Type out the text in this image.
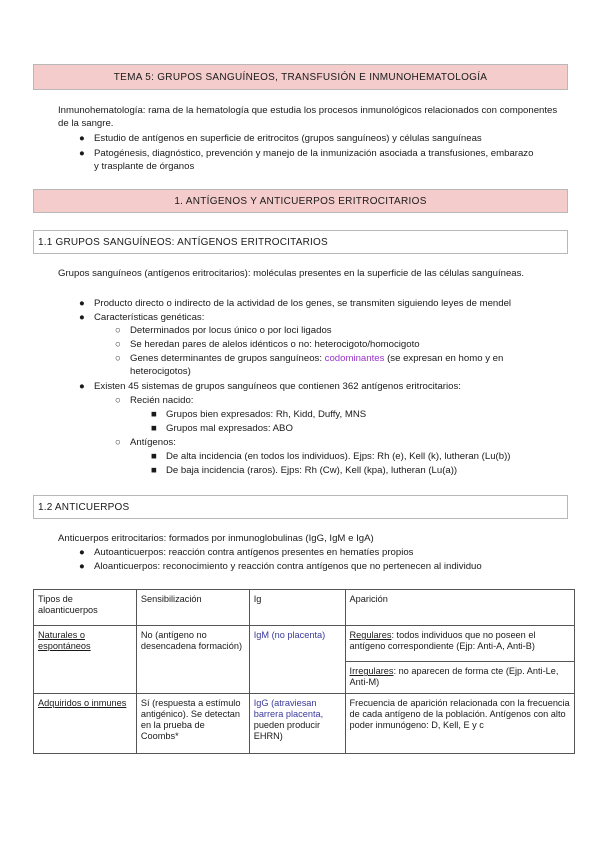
TEMA 5: GRUPOS SANGUÍNEOS, TRANSFUSIÓN E INMUNOHEMATOLOGÍA
Inmunohematología: rama de la hematología que estudia los procesos inmunológicos relacionados con componentes de la sangre.
● Estudio de antígenos en superficie de eritrocitos (grupos sanguíneos) y células sanguíneas
● Patogénesis, diagnóstico, prevención y manejo de la inmunización asociada a transfusiones, embarazo y trasplante de órganos
1. ANTÍGENOS Y ANTICUERPOS ERITROCITARIOS
1.1 GRUPOS SANGUÍNEOS: ANTÍGENOS ERITROCITARIOS
Grupos sanguíneos (antígenos eritrocitarios): moléculas presentes en la superficie de las células sanguíneas.
● Producto directo o indirecto de la actividad de los genes, se transmiten siguiendo leyes de mendel
● Características genéticas:
○ Determinados por locus único o por loci ligados
○ Se heredan pares de alelos idénticos o no: heterocigoto/homocigoto
○ Genes determinantes de grupos sanguíneos: codominantes (se expresan en homo y en heterocigotos)
● Existen 45 sistemas de grupos sanguíneos que contienen 362 antígenos eritrocitarios:
○ Recién nacido:
■ Grupos bien expresados: Rh, Kidd, Duffy, MNS
■ Grupos mal expresados: ABO
○ Antígenos:
■ De alta incidencia (en todos los individuos). Ejps: Rh (e), Kell (k), lutheran (Lu(b))
■ De baja incidencia (raros). Ejps: Rh (Cw), Kell (kpa), lutheran (Lu(a))
1.2 ANTICUERPOS
Anticuerpos eritrocitarios: formados por inmunoglobulinas (IgG, IgM e IgA)
● Autoanticuerpos: reacción contra antígenos presentes en hematíes propios
● Aloanticuerpos: reconocimiento y reacción contra antígenos que no pertenecen al individuo
Tipos de aloanticuerpos	Sensibilización	Ig	Aparición
Naturales o espontáneos	No (antígeno no desencadena formación)	IgM (no placenta)	Regulares: todos individuos que no poseen el antígeno correspondiente (Ejp: Anti-A, Anti-B)
			Irregulares: no aparecen de forma cte (Ejp. Anti-Le, Anti-M)
Adquiridos o inmunes	Sí (respuesta a estímulo antigénico). Se detectan en la prueba de Coombs*	IgG (atraviesan barrera placenta, pueden producir EHRN)	Frecuencia de aparición relacionada con la frecuencia de cada antígeno de la población. Antígenos con alto poder inmunógeno: D, Kell, E y c
